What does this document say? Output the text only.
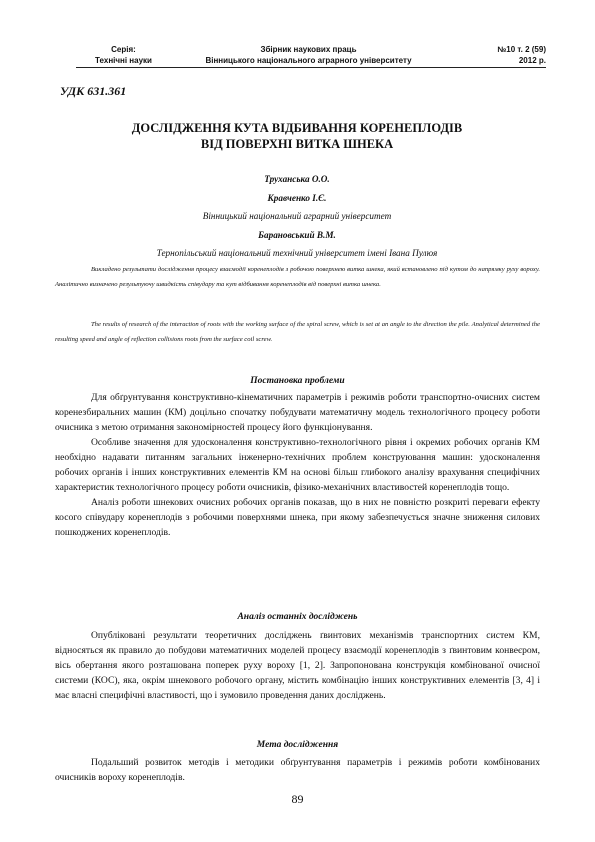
Серія:
Технічні науки
Збірник наукових праць
Вінницького національного аграрного університету
№10 т. 2 (59)
2012 р.
УДК 631.361
ДОСЛІДЖЕННЯ КУТА ВІДБИВАННЯ КОРЕНЕПЛОДІВ
ВІД ПОВЕРХНІ ВИТКА ШНЕКА
Труханська О.О.
Кравченко І.Є.
Вінницький національний аграрний університет
Барановський В.М.
Тернопільський національний технічний університет імені Івана Пулюя
Викладено результати дослідження процесу взаємодії коренеплодів з робочою поверхнею витка шнека, який встановлено під кутом до напрямку руху вороху. Аналітично визначено результуючу швидкість співудару та кут відбивання коренеплодів від поверхні витка шнека.
The results of research of the interaction of roots with the working surface of the spiral screw, which is set at an angle to the direction the pile. Analytical determined the resulting speed and angle of reflection collisions roots from the surface coil screw.
Постановка проблеми

Для обґрунтування конструктивно-кінематичних параметрів і режимів роботи транспортно-очисних систем коренезбиральних машин (КМ) доцільно спочатку побудувати математичну модель технологічного процесу роботи очисника з метою отримання закономірностей процесу його функціонування.

Особливе значення для удосконалення конструктивно-технологічного рівня і окремих робочих органів КМ необхідно надавати питанням загальних інженерно-технічних проблем конструювання машин: удосконалення робочих органів і інших конструктивних елементів КМ на основі більш глибокого аналізу врахування специфічних характеристик технологічного процесу роботи очисників, фізико-механічних властивостей коренеплодів тощо.

Аналіз роботи шнекових очисних робочих органів показав, що в них не повністю розкриті переваги ефекту косого співудару коренеплодів з робочими поверхнями шнека, при якому забезпечується значне зниження силових пошкоджених коренеплодів.

Аналіз останніх досліджень

Опубліковані результати теоретичних досліджень ґвинтових механізмів транспортних систем КМ, відносяться як правило до побудови математичних моделей процесу взаємодії коренеплодів з ґвинтовим конвеєром, вісь обертання якого розташована поперек руху вороху [1, 2]. Запропонована конструкція комбінованої очисної системи (КОС), яка, окрім шнекового робочого органу, містить комбінацію інших конструктивних елементів [3, 4] і має власні специфічні властивості, що і зумовило проведення даних досліджень.

Мета дослідження

Подальший розвиток методів і методики обґрунтування параметрів і режимів роботи комбінованих очисників вороху коренеплодів.

89
